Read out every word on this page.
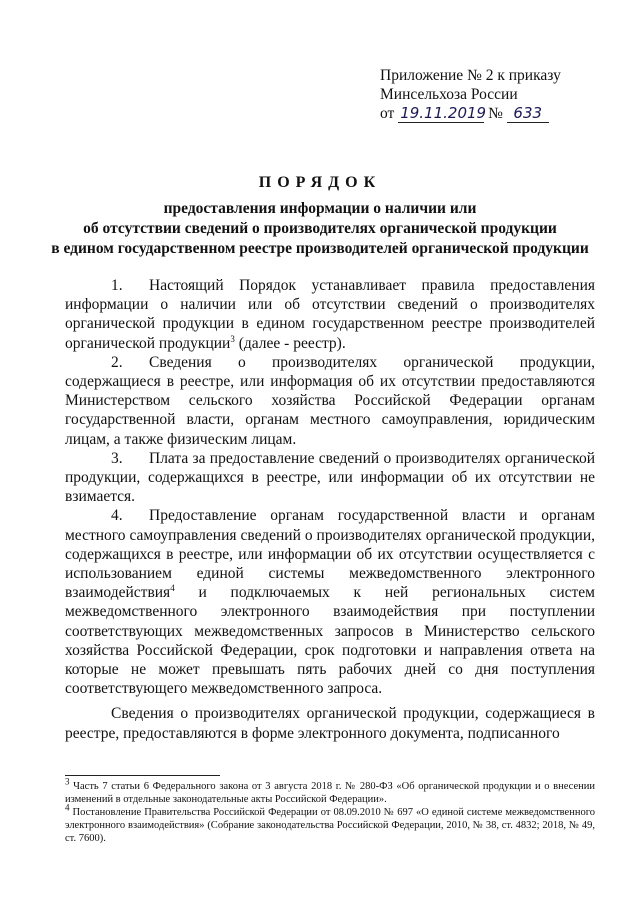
Приложение № 2 к приказу
Минсельхоза России
от 19.11.2019 № 633
ПОРЯДОК
предоставления информации о наличии или
об отсутствии сведений о производителях органической продукции
в едином государственном реестре производителей органической продукции

1. Настоящий Порядок устанавливает правила предоставления информации о наличии или об отсутствии сведений о производителях органической продукции в едином государственном реестре производителей органической продукции$^3$ (далее - реестр).

2. Сведения о производителях органической продукции, содержащиеся в реестре, или информация об их отсутствии предоставляются Министерством сельского хозяйства Российской Федерации органам государственной власти, органам местного самоуправления, юридическим лицам, а также физическим лицам.

3. Плата за предоставление сведений о производителях органической продукции, содержащихся в реестре, или информации об их отсутствии не взимается.

4. Предоставление органам государственной власти и органам местного самоуправления сведений о производителях органической продукции, содержащихся в реестре, или информации об их отсутствии осуществляется с использованием единой системы межведомственного электронного взаимодействия$^4$ и подключаемых к ней региональных систем межведомственного электронного взаимодействия при поступлении соответствующих межведомственных запросов в Министерство сельского хозяйства Российской Федерации, срок подготовки и направления ответа на которые не может превышать пять рабочих дней со дня поступления соответствующего межведомственного запроса.

Сведения о производителях органической продукции, содержащиеся в реестре, предоставляются в форме электронного документа, подписанного

$^3$ Часть 7 статьи 6 Федерального закона от 3 августа 2018 г. № 280-ФЗ «Об органической продукции и о внесении изменений в отдельные законодательные акты Российской Федерации».

$^4$ Постановление Правительства Российской Федерации от 08.09.2010 № 697 «О единой системе межведомственного электронного взаимодействия» (Собрание законодательства Российской Федерации, 2010, № 38, ст. 4832; 2018, № 49, ст. 7600).
